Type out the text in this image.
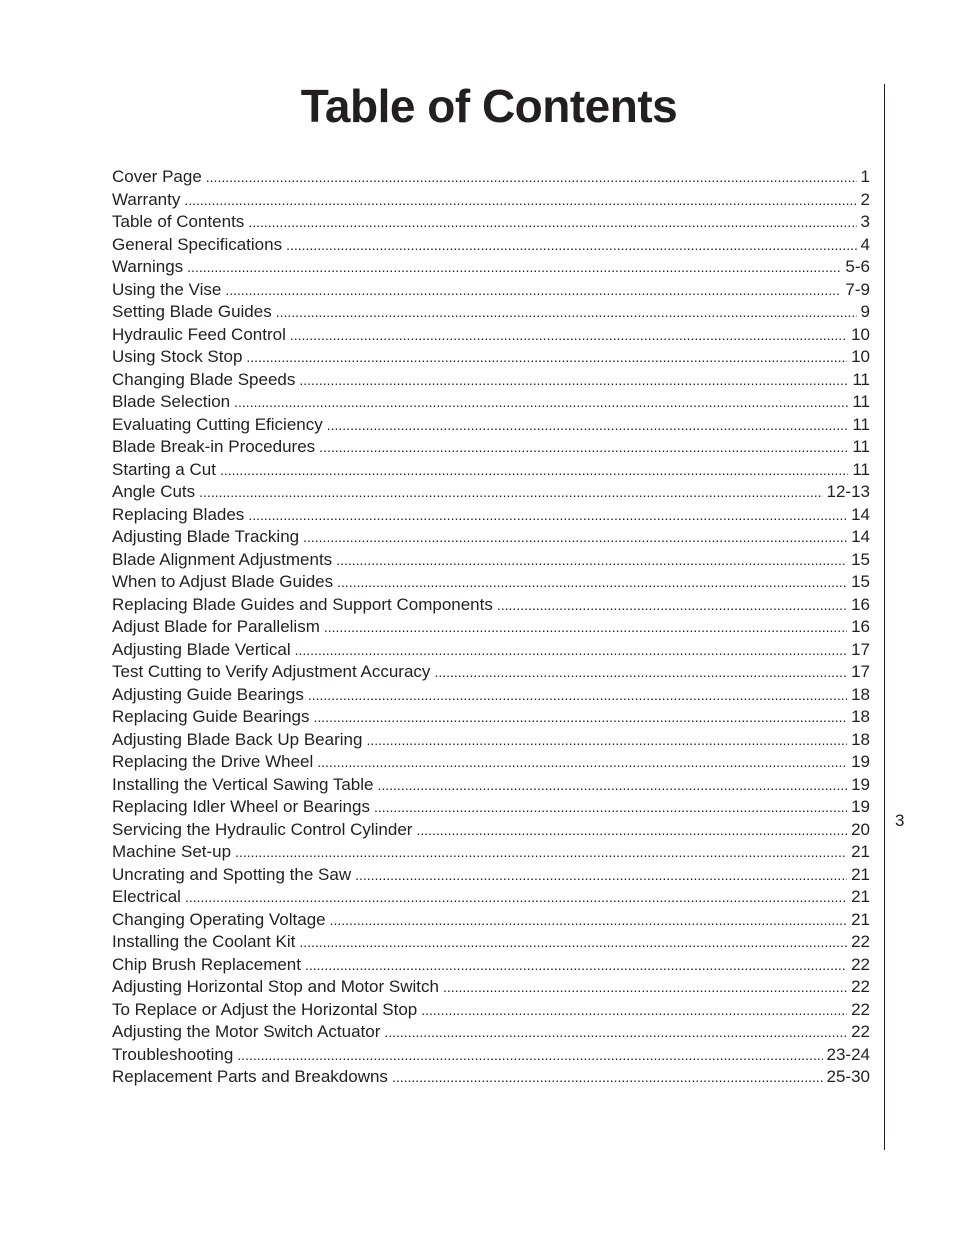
Table of Contents
3
Cover Page .....	1
Warranty .....	2
Table of Contents .....	3
General Specifications .....	4
Warnings .....	5-6
Using the Vise .....	7-9
Setting Blade Guides .....	9
Hydraulic Feed Control .....	10
Using Stock Stop .....	10
Changing Blade Speeds .....	11
Blade Selection .....	11
Evaluating Cutting Eficiency .....	11
Blade Break-in Procedures .....	11
Starting a Cut .....	11
Angle Cuts .....	12-13
Replacing Blades .....	14
Adjusting Blade Tracking .....	14
Blade Alignment Adjustments .....	15
When to Adjust Blade Guides .....	15
Replacing Blade Guides and Support Components .....	16
Adjust Blade for Parallelism .....	16
Adjusting Blade Vertical .....	17
Test Cutting to Verify Adjustment Accuracy .....	17
Adjusting Guide Bearings .....	18
Replacing Guide Bearings .....	18
Adjusting Blade Back Up Bearing .....	18
Replacing the Drive Wheel .....	19
Installing the Vertical Sawing Table .....	19
Replacing Idler Wheel or Bearings .....	19
Servicing the Hydraulic Control Cylinder .....	20
Machine Set-up .....	21
Uncrating and Spotting the Saw .....	21
Electrical .....	21
Changing Operating Voltage .....	21
Installing the Coolant Kit .....	22
Chip Brush Replacement .....	22
Adjusting Horizontal Stop and Motor Switch .....	22
To Replace or Adjust the Horizontal Stop .....	22
Adjusting the Motor Switch Actuator .....	22
Troubleshooting .....	23-24
Replacement Parts and Breakdowns .....	25-30
